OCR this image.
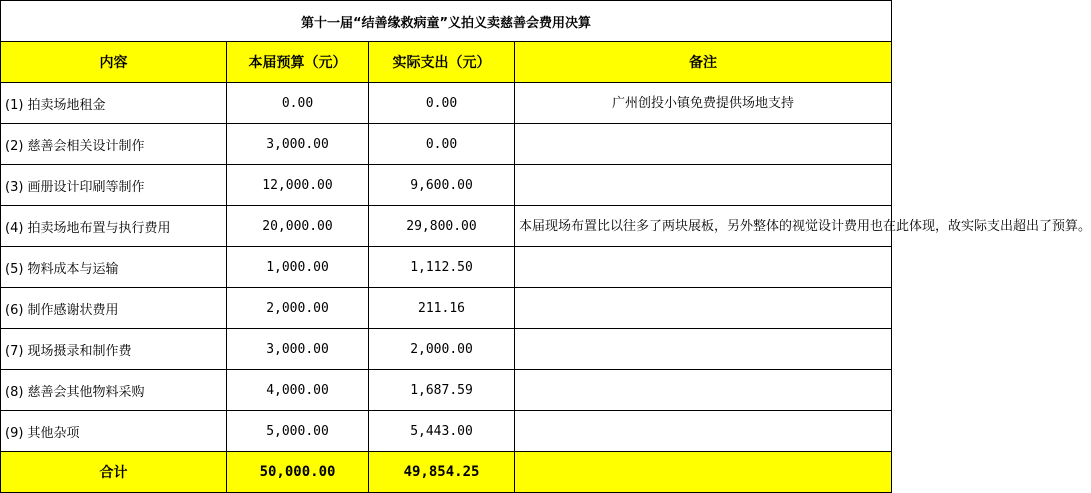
第十一届“结善缘救病童”义拍义卖慈善会费用决算			
内容	本届预算（元）	实际支出（元）	备注
(1) 拍卖场地租金	0.00	0.00	广州创投小镇免费提供场地支持
(2) 慈善会相关设计制作	3,000.00	0.00	
(3) 画册设计印刷等制作	12,000.00	9,600.00	
(4) 拍卖场地布置与执行费用	20,000.00	29,800.00	本届现场布置比以往多了两块展板，另外整体的视觉设计费用也在此体现，故实际支出超出了预算。
(5) 物料成本与运输	1,000.00	1,112.50	
(6) 制作感谢状费用	2,000.00	211.16	
(7) 现场摄录和制作费	3,000.00	2,000.00	
(8) 慈善会其他物料采购	4,000.00	1,687.59	
(9) 其他杂项	5,000.00	5,443.00	
合计	50,000.00	49,854.25	
